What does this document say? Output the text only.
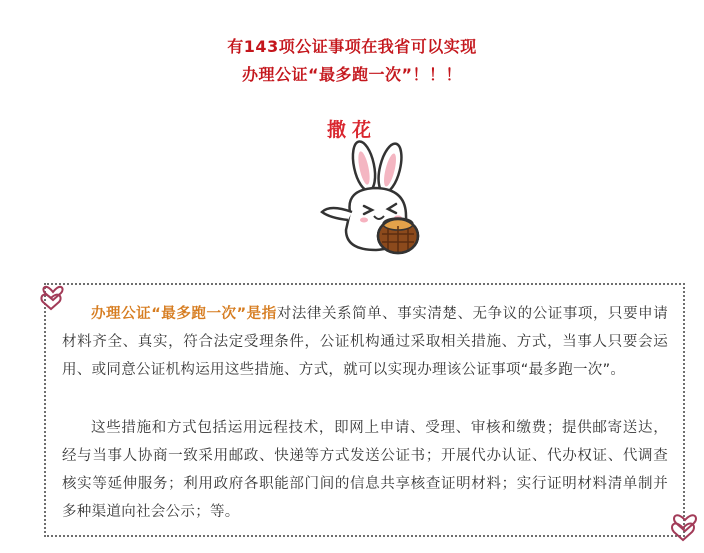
有143项公证事项在我省可以实现
办理公证“最多跑一次”！！！
撒花

办理公证“最多跑一次”是指对法律关系简单、事实清楚、无争议的公证事项，只要申请材料齐全、真实，符合法定受理条件，公证机构通过采取相关措施、方式，当事人只要会运用、或同意公证机构运用这些措施、方式，就可以实现办理该公证事项“最多跑一次”。

这些措施和方式包括运用远程技术，即网上申请、受理、审核和缴费；提供邮寄送达，经与当事人协商一致采用邮政、快递等方式发送公证书；开展代办认证、代办权证、代调查核实等延伸服务；利用政府各职能部门间的信息共享核查证明材料；实行证明材料清单制并多种渠道向社会公示；等。
